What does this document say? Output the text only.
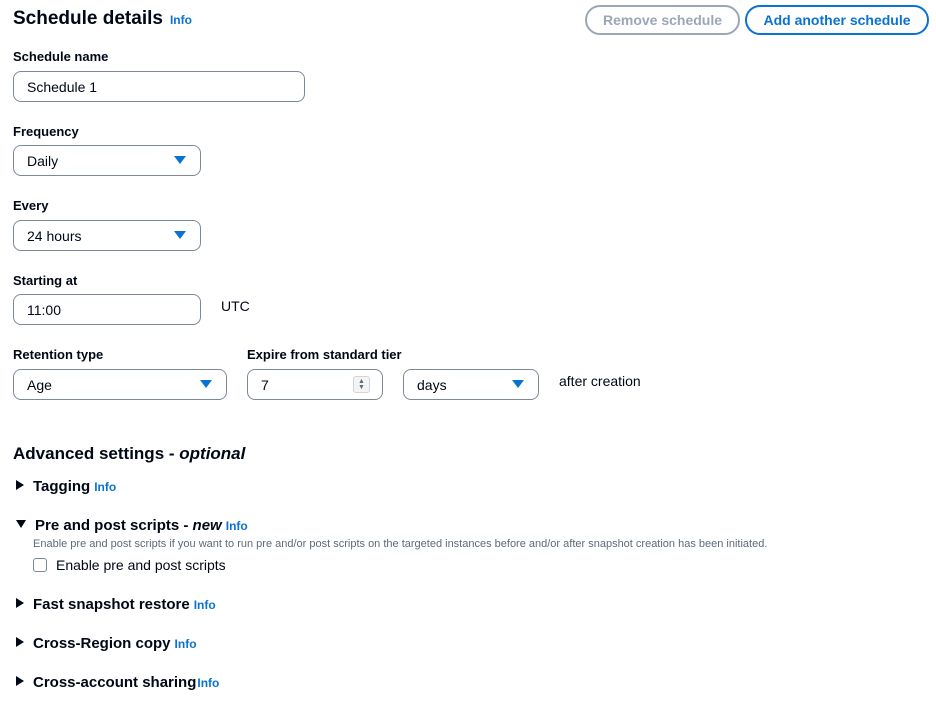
Schedule details Info	Remove schedule	Add another schedule
Schedule name
Schedule 1
Frequency
Daily
Every
24 hours
Starting at
11:00	UTC
Retention type
Age
Expire from standard tier
7	▲
▼	days	after creation
Advanced settings - optional
Tagging Info
Pre and post scripts - new Info
Enable pre and post scripts if you want to run pre and/or post scripts on the targeted instances before and/or after snapshot creation has been initiated.
Enable pre and post scripts
Fast snapshot restore Info
Cross-Region copy Info
Cross-account sharing Info
